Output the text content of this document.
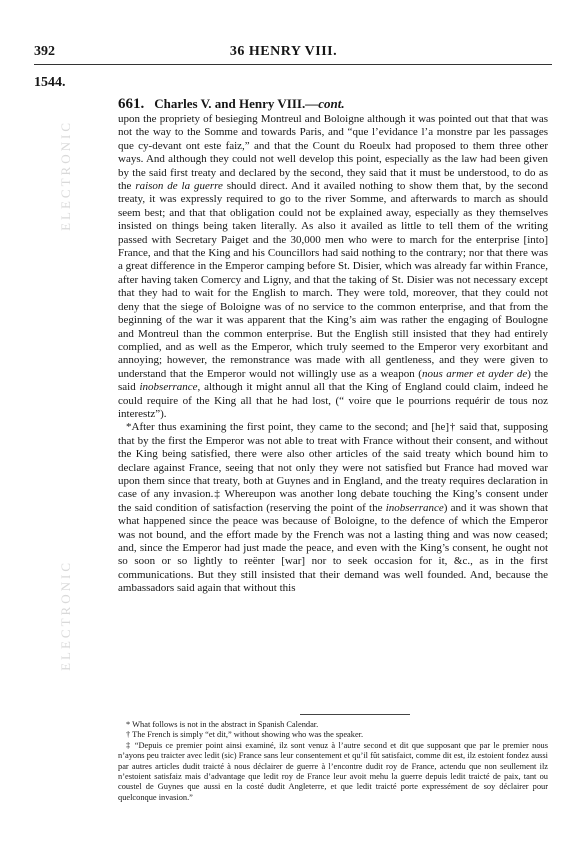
392	36 HENRY VIII.
1544.
661. Charles V. and Henry VIII.—cont.

upon the propriety of besieging Montreul and Boloigne although it was pointed out that that was not the way to the Somme and towards Paris, and “que l’evidance l’a monstre par les passages que cy-devant ont este faiz,” and that the Count du Roeulx had proposed to them three other ways. And although they could not well develop this point, especially as the law had been given by the said first treaty and declared by the second, they said that it must be understood, to do as the raison de la guerre should direct. And it availed nothing to show them that, by the second treaty, it was expressly required to go to the river Somme, and afterwards to march as should seem best; and that that obligation could not be explained away, especially as they themselves insisted on things being taken literally. As also it availed as little to tell them of the writing passed with Secretary Paiget and the 30,000 men who were to march for the enterprise [into] France, and that the King and his Councillors had said nothing to the contrary; nor that there was a great difference in the Emperor camping before St. Disier, which was already far within France, after having taken Comercy and Ligny, and that the taking of St. Disier was not necessary except that they had to wait for the English to march. They were told, moreover, that they could not deny that the siege of Boloigne was of no service to the common enterprise, and that from the beginning of the war it was apparent that the King’s aim was rather the engaging of Boulogne and Montreul than the common enterprise. But the English still insisted that they had entirely complied, and as well as the Emperor, which truly seemed to the Emperor very exorbitant and annoying; however, the remonstrance was made with all gentleness, and they were given to understand that the Emperor would not willingly use as a weapon (nous armer et ayder de) the said inobserrance, although it might annul all that the King of England could claim, indeed he could require of the King all that he had lost, (“ voire que le pourrions requérir de tous noz interestz”).

*After thus examining the first point, they came to the second; and [he]† said that, supposing that by the first the Emperor was not able to treat with France without their consent, and without the King being satisfied, there were also other articles of the said treaty which bound him to declare against France, seeing that not only they were not satisfied but France had moved war upon them since that treaty, both at Guynes and in England, and the treaty requires declaration in case of any invasion.‡ Whereupon was another long debate touching the King’s consent under the said condition of satisfaction (reserving the point of the inobserrance) and it was shown that what happened since the peace was because of Boloigne, to the defence of which the Emperor was not bound, and the effort made by the French was not a lasting thing and was now ceased; and, since the Emperor had just made the peace, and even with the King’s consent, he ought not so soon or so lightly to reënter [war] nor to seek occasion for it, &c., as in the first communications. But they still insisted that their demand was well founded. And, because the ambassadors said again that without this

* What follows is not in the abstract in Spanish Calendar.

† The French is simply “et dit,” without showing who was the speaker.

‡ “Depuis ce premier point ainsi examiné, ilz sont venuz à l’autre second et dit que supposant que par le premier nous n’ayons peu traicter avec ledit (sic) France sans leur consentement et qu’il fût satisfaict, comme dit est, ilz estoient fondez aussi par autres articles dudit traicté à nous déclairer de guerre à l’encontre dudit roy de France, actendu que non seullement ilz n’estoient satisfaiz mais d’advantage que ledit roy de France leur avoit mehu la guerre depuis ledit traicté de paix, tant ou coustel de Guynes que aussi en la costé dudit Angleterre, et que ledit traicté porte expressément de soy déclairer pour quelconque invasion.”

ELECTRONIC
ELECTRONIC
